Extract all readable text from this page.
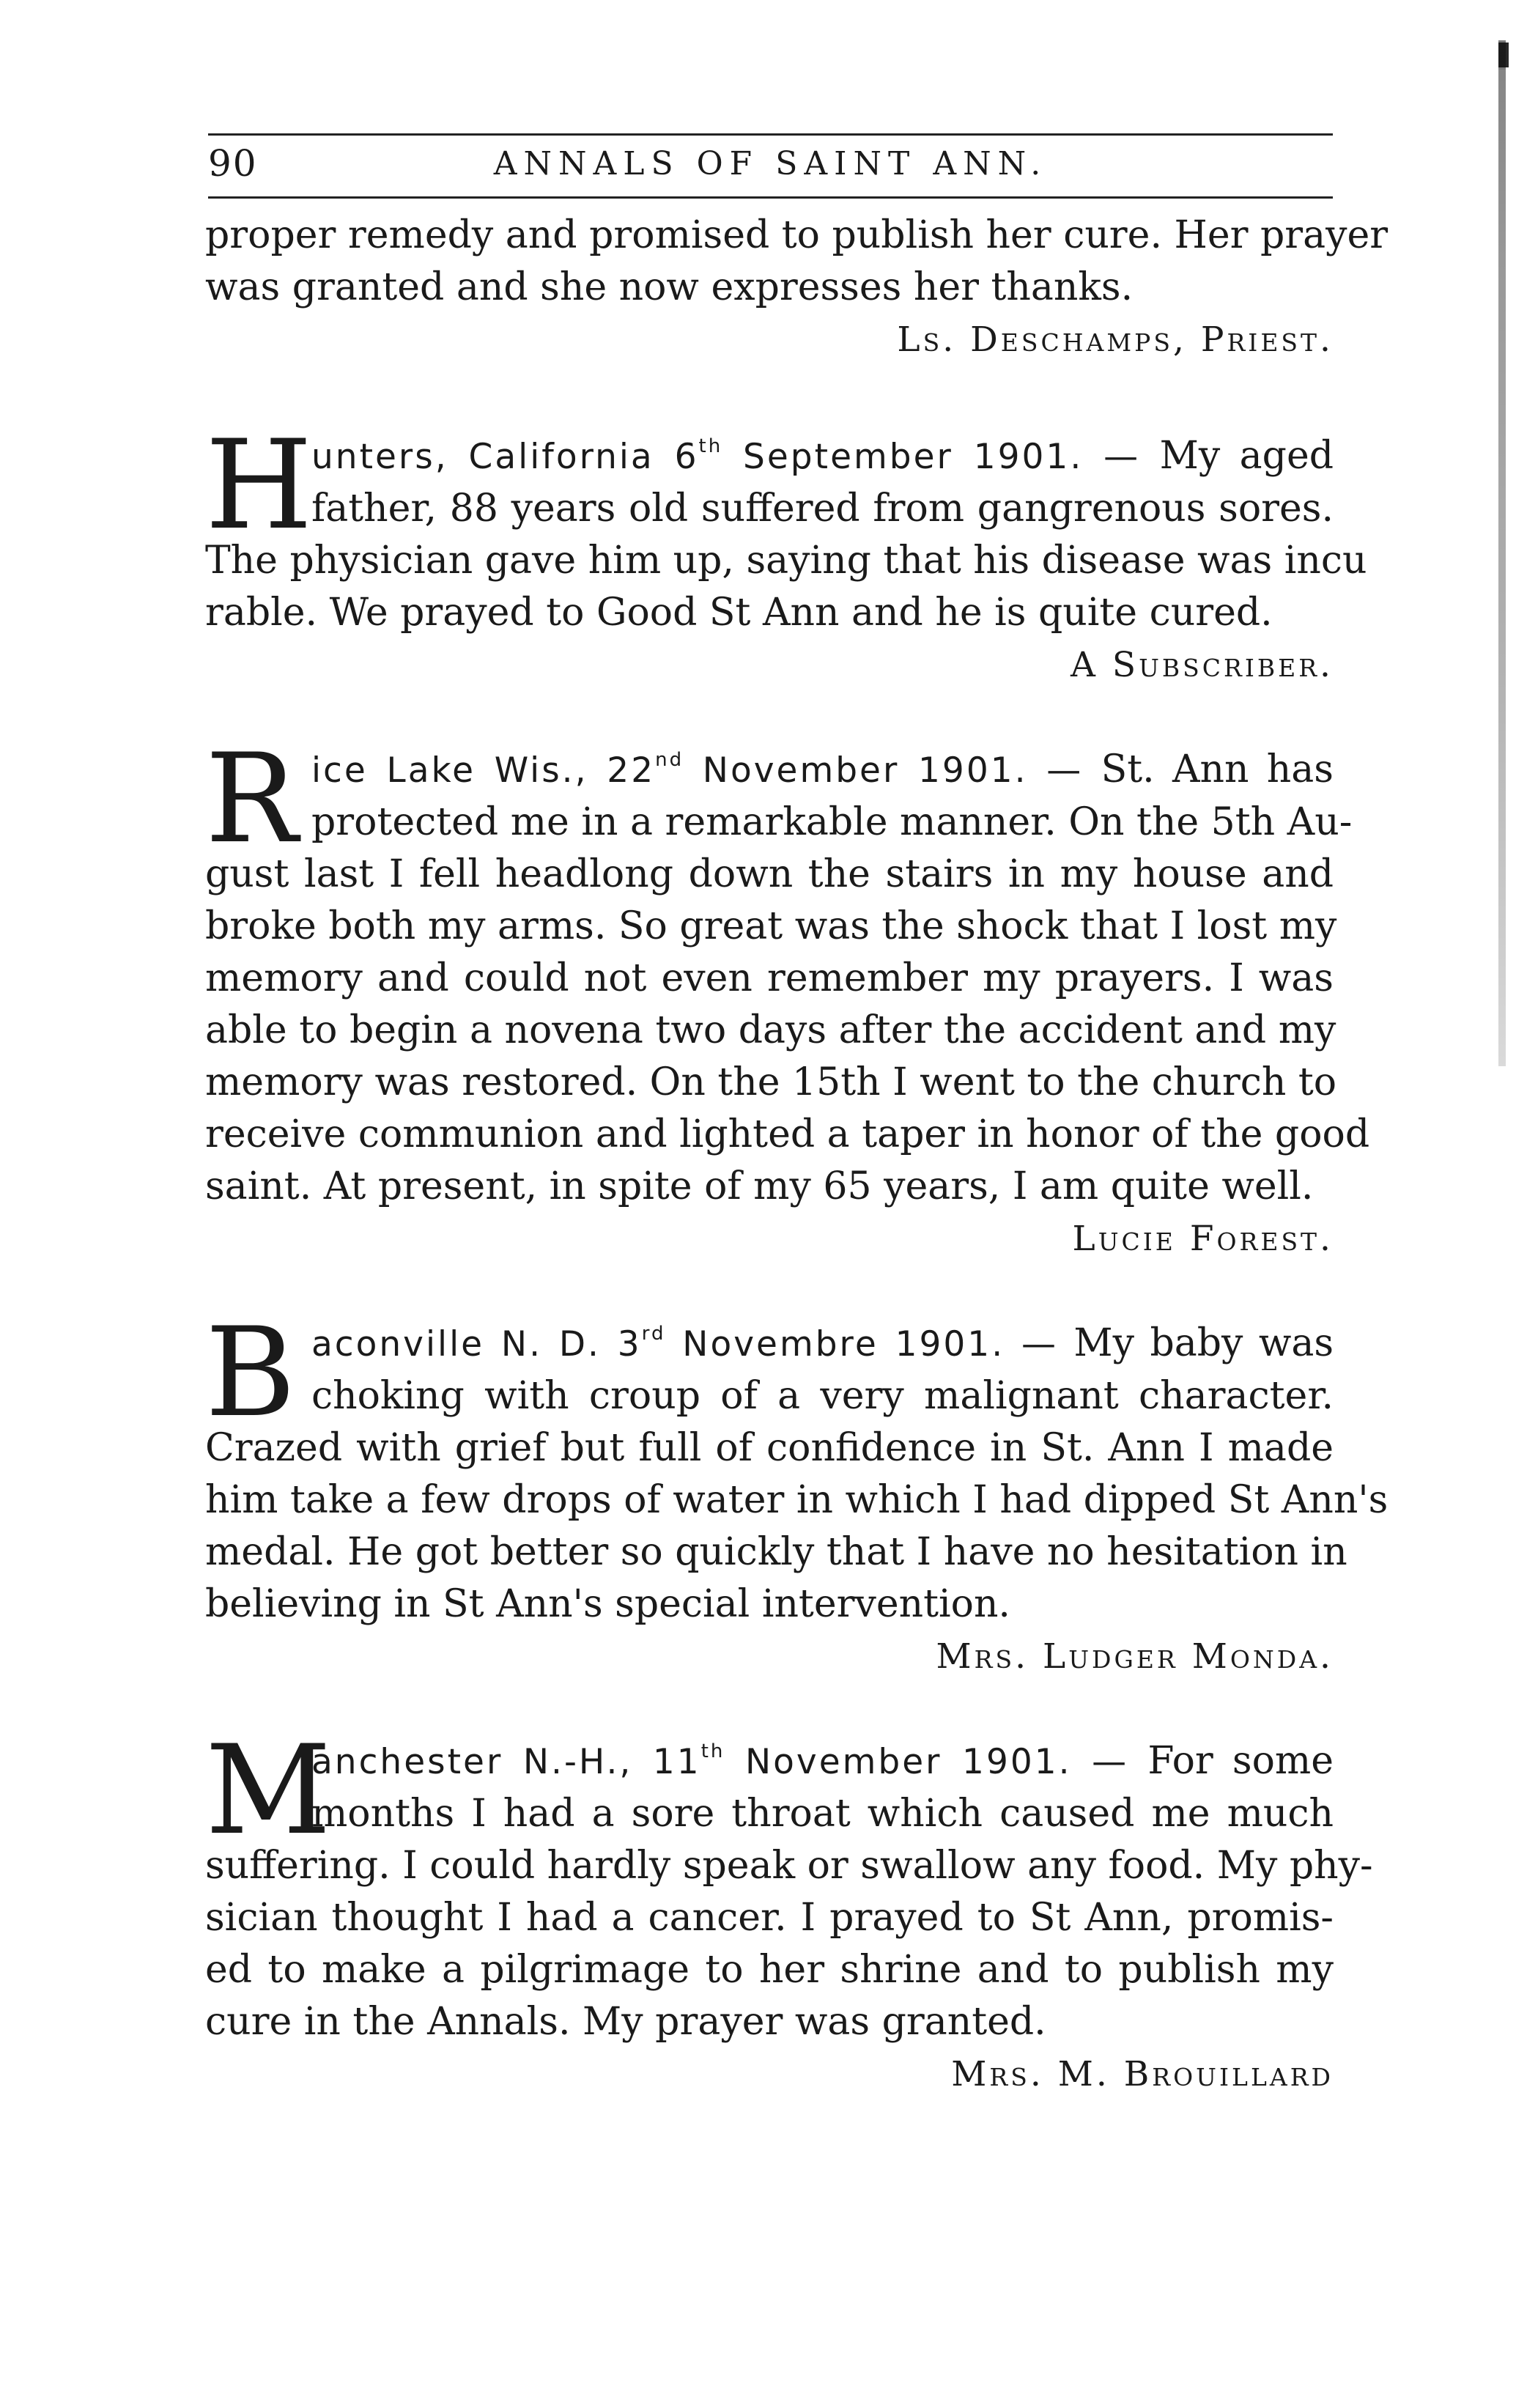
90	ANNALS OF SAINT ANN.
proper remedy and promised to publish her cure. Her prayer
was granted and she now expresses her thanks.
Ls. Deschamps, Priest.
H
unters, California 6th September 1901. — My aged
father, 88 years old suffered from gangrenous sores.
The physician gave him up, saying that his disease was incu
rable. We prayed to Good St Ann and he is quite cured.
A Subscriber.
R ice Lake Wis., 22nd November 1901. — St. Ann has
protected me in a remarkable manner. On the 5th Au-
gust last I fell headlong down the stairs in my house and
broke both my arms. So great was the shock that I lost my
memory and could not even remember my prayers. I was
able to begin a novena two days after the accident and my
memory was restored. On the 15th I went to the church to
receive communion and lighted a taper in honor of the good
saint. At present, in spite of my 65 years, I am quite well.
Lucie Forest.
B aconville N. D. 3rd Novembre 1901. — My baby was
choking with croup of a very malignant character.
Crazed with grief but full of confidence in St. Ann I made
him take a few drops of water in which I had dipped St Ann's
medal. He got better so quickly that I have no hesitation in
believing in St Ann's special intervention.
Mrs. Ludger Monda.
M
anchester N.-H., 11th November 1901. — For some
months I had a sore throat which caused me much
suffering. I could hardly speak or swallow any food. My phy-
sician thought I had a cancer. I prayed to St Ann, promis-
ed to make a pilgrimage to her shrine and to publish my
cure in the Annals. My prayer was granted.
Mrs. M. Brouillard
